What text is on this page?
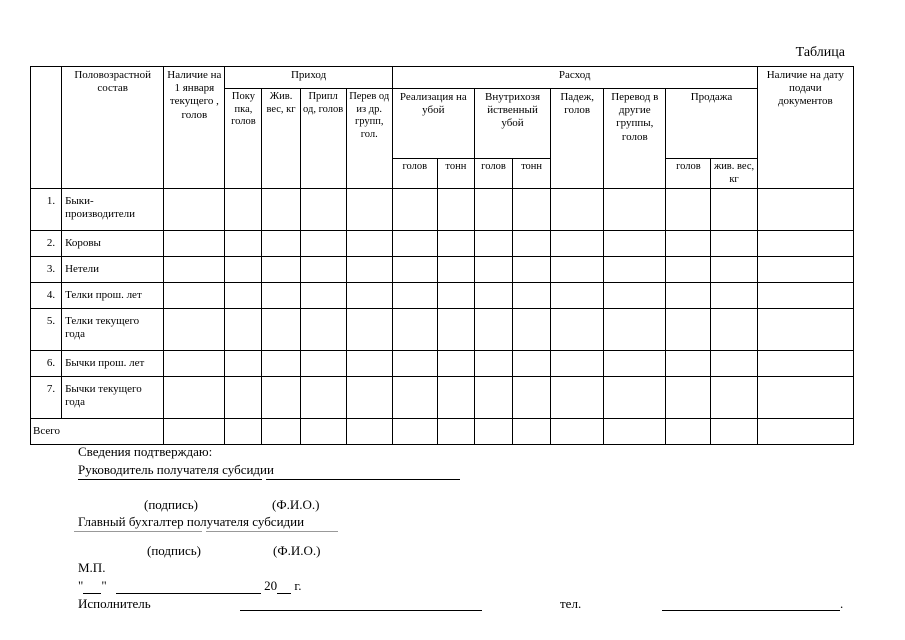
Таблица
	Половозрастной состав	Наличие на 1 января текущего , голов	Приход				Расход								Наличие на дату подачи документов
			Поку пка, голов	Жив. вес, кг	Припл од, голов	Перев од из др. групп, гол.	Реализация на убой		Внутрихозя йственный убой		Падеж, голов	Перевод в другие группы, голов	Продажа		
							голов	тонн	голов	тонн			голов	жив. вес, кг	
1.	Быки-производители														
2.	Коровы														
3.	Нетели														
4.	Телки прош. лет														
5.	Телки текущего года														
6.	Бычки прош. лет														
7.	Бычки текущего года														
Всего															
Сведения подтверждаю:
Руководитель получателя субсидии
(подпись)	(Ф.И.О.)
Главный бухгалтер получателя субсидии
(подпись)	(Ф.И.О.)
М.П.
" "	20 г.
Исполнитель	тел.	.
